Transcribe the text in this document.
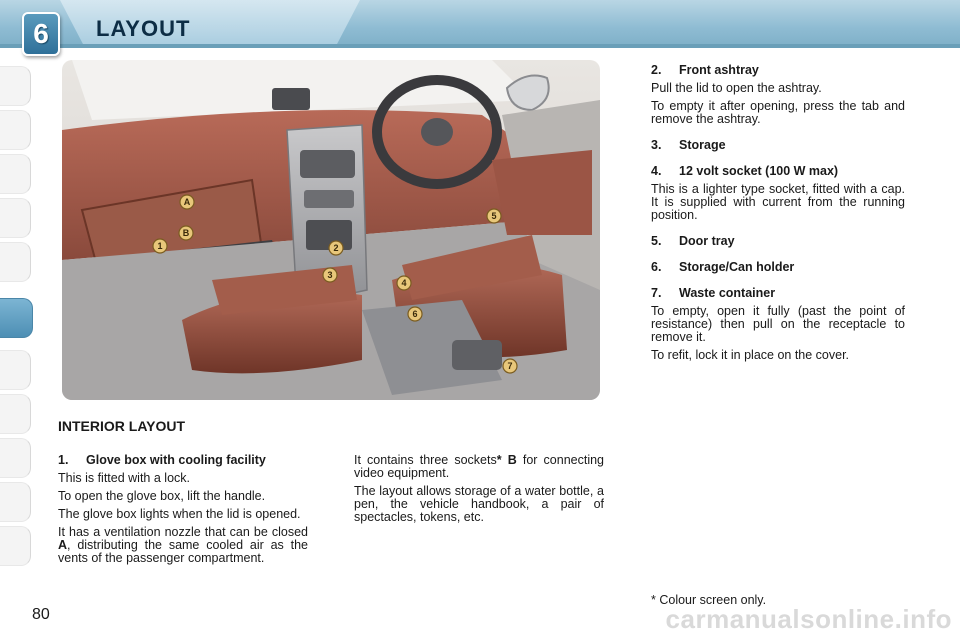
6	LAYOUT
A
B
1	2
3
4
5
6
7
INTERIOR LAYOUT
1. Glove box with cooling facility

This is fitted with a lock.

To open the glove box, lift the handle.

The glove box lights when the lid is opened.

It has a ventilation nozzle that can be closed A, distributing the same cooled air as the vents of the passenger compartment.

It contains three sockets* B for connecting video equipment.

The layout allows storage of a water bottle, a pen, the vehicle handbook, a pair of spectacles, tokens, etc.

2. Front ashtray

Pull the lid to open the ashtray.

To empty it after opening, press the tab and remove the ashtray.

3. Storage
4. 12 volt socket (100 W max)

This is a lighter type socket, fitted with a cap. It is supplied with current from the running position.

5. Door tray
6. Storage/Can holder
7. Waste container

To empty, open it fully (past the point of resistance) then pull on the receptacle to remove it.

To refit, lock it in place on the cover.

* Colour screen only.
80	carmanualsonline.info
